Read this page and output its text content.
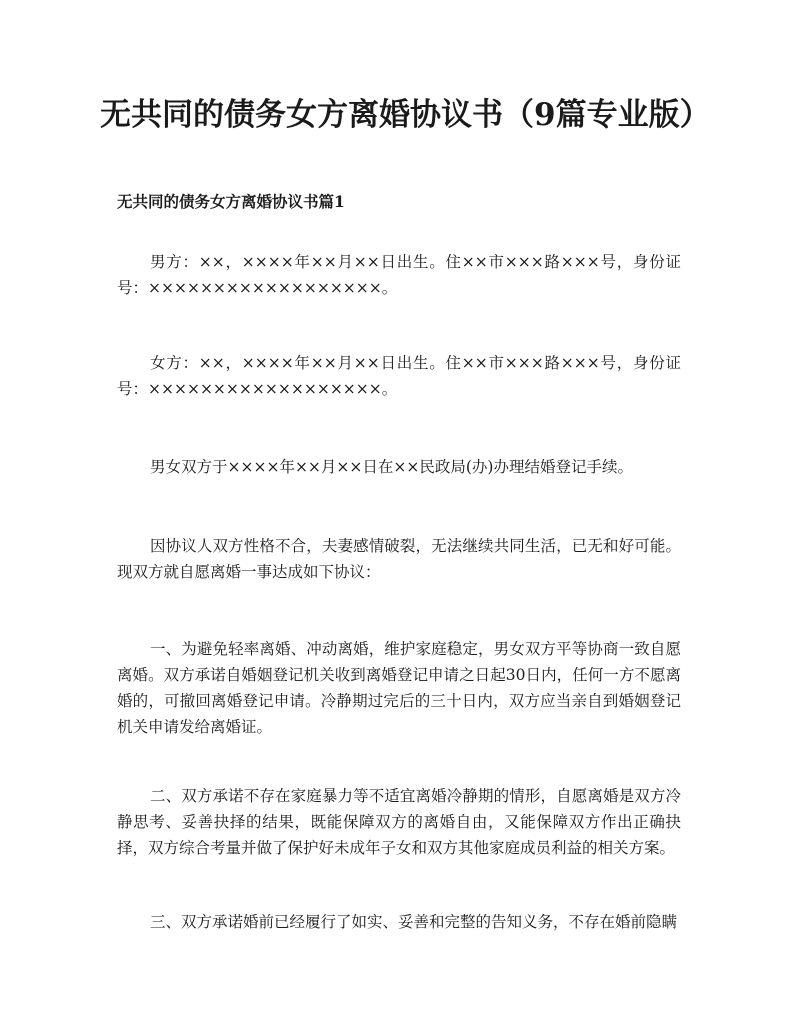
无共同的债务女方离婚协议书（9篇专业版）
无共同的债务女方离婚协议书篇1

男方：××，××××年××月××日出生。住××市×××路×××号，身份证号：××××××××××××××××××。

女方：××，××××年××月××日出生。住××市×××路×××号，身份证号：××××××××××××××××××。

男女双方于××××年××月××日在××民政局(办)办理结婚登记手续。

因协议人双方性格不合，夫妻感情破裂，无法继续共同生活，已无和好可能。现双方就自愿离婚一事达成如下协议：

一、为避免轻率离婚、冲动离婚，维护家庭稳定，男女双方平等协商一致自愿离婚。双方承诺自婚姻登记机关收到离婚登记申请之日起30日内，任何一方不愿离婚的，可撤回离婚登记申请。冷静期过完后的三十日内，双方应当亲自到婚姻登记机关申请发给离婚证。

二、双方承诺不存在家庭暴力等不适宜离婚冷静期的情形，自愿离婚是双方冷静思考、妥善抉择的结果，既能保障双方的离婚自由，又能保障双方作出正确抉择，双方综合考量并做了保护好未成年子女和双方其他家庭成员利益的相关方案。

三、双方承诺婚前已经履行了如实、妥善和完整的告知义务，不存在婚前隐瞒
